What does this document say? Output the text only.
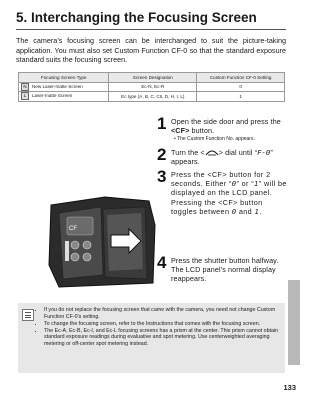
5. Interchanging the Focusing Screen
The camera’s focusing screen can be interchanged to suit the picture-taking application. You must also set Custom Function CF-0 so that the standard exposure standard suits the focusing screen.
Focusing Screen Type	Screen Designation	Custom Function CF-0 Setting
N New Laser-matte Screen	Ec-N, Ec-R	0
L Laser-matte Screen	Ec type (A, B, C, CII, D, H, I, L)	1
1 Open the side door and press the <CF> button.
• The Custom Function No. appears.
2 Turn the < > dial until “F-0” appears.
3 Press the <CF> button for 2 seconds. Either “0” or “1” will be displayed on the LCD panel. Pressing the <CF> button toggles between 0 and 1.
CF
4 Press the shutter button halfway. The LCD panel’s normal display reappears.
• If you do not replace the focusing screen that came with the camera, you need not change Custom Function CF-0’s setting.
• To change the focusing screen, refer to the Instructions that comes with the focusing screen.
• The Ec-A, Ec-B, Ec-I, and Ec-L focusing screens has a prism at the center. This prism cannot obtain standard exposure readings during evaluative and spot metering. Use centerweighted averaging metering or off-center spot metering instead.
133
